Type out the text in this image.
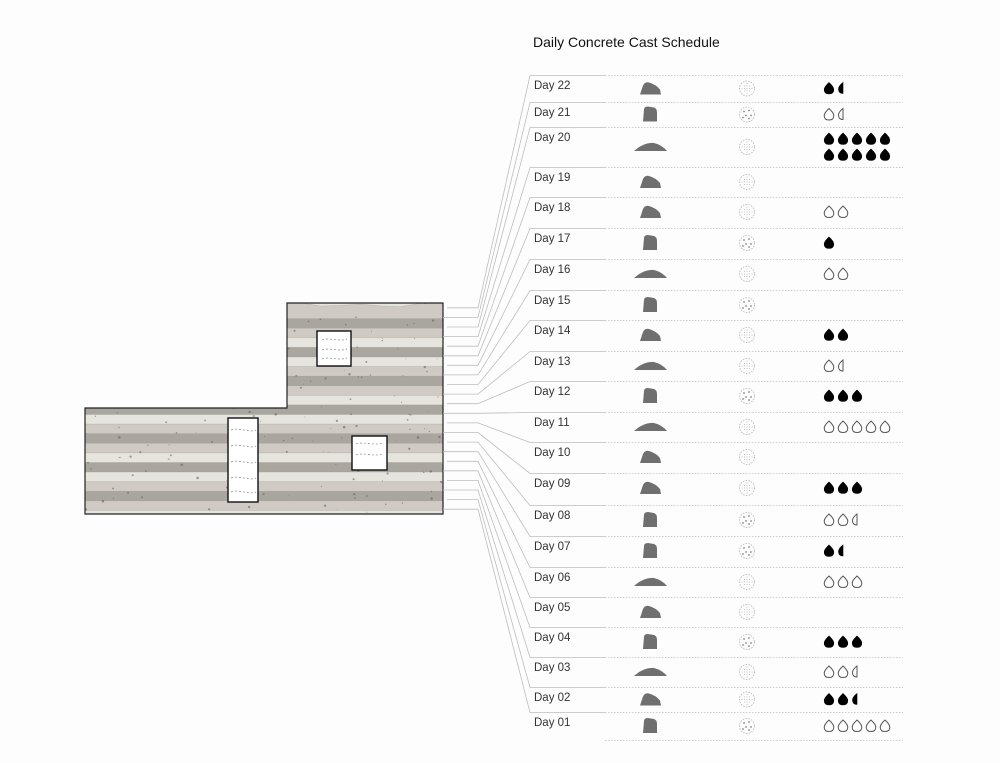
Daily Concrete Cast Schedule
Day 22
Day 21
Day 20
Day 19
Day 18
Day 17
Day 16
Day 15
Day 14
Day 13
Day 12
Day 11
Day 10
Day 09
Day 08
Day 07
Day 06
Day 05
Day 04
Day 03
Day 02
Day 01
